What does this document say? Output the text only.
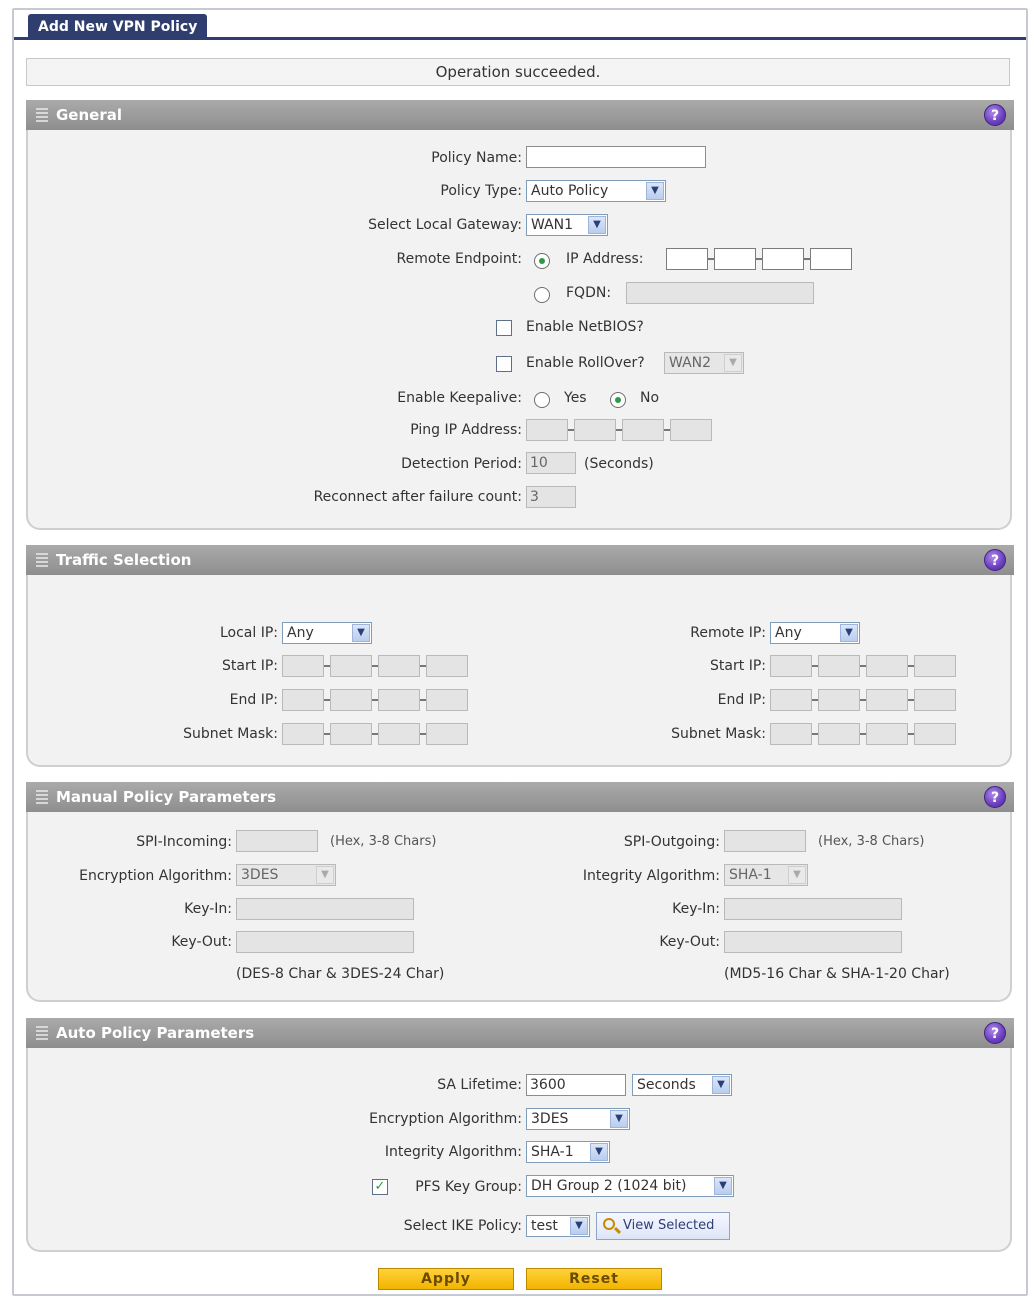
Add New VPN Policy
Operation succeeded.
General	?
Policy Name:
Policy Type: Auto Policy	▼
Select Local Gateway: WAN1	▼
Remote Endpoint:	IP Address:
FQDN:
Enable NetBIOS?
Enable RollOver?	WAN2	▼
Enable Keepalive:	Yes	No
Ping IP Address:
Detection Period: 10	(Seconds)
Reconnect after failure count: 3
Traffic Selection	?
Local IP: Any	▼
Start IP:
End IP:
Subnet Mask:
Remote IP: Any	▼
Start IP:
End IP:
Subnet Mask:
Manual Policy Parameters	?
SPI-Incoming:	(Hex, 3-8 Chars)
Encryption Algorithm: 3DES	▼
Key-In:
Key-Out:
(DES-8 Char & 3DES-24 Char)
SPI-Outgoing:	(Hex, 3-8 Chars)
Integrity Algorithm: SHA-1	▼
Key-In:
Key-Out:
(MD5-16 Char & SHA-1-20 Char)
Auto Policy Parameters	?
SA Lifetime: 3600	Seconds	▼
Encryption Algorithm: 3DES	▼
Integrity Algorithm: SHA-1	▼
✓ PFS Key Group: DH Group 2 (1024 bit)	▼
Select IKE Policy: test	▼	View Selected
Apply	Reset
